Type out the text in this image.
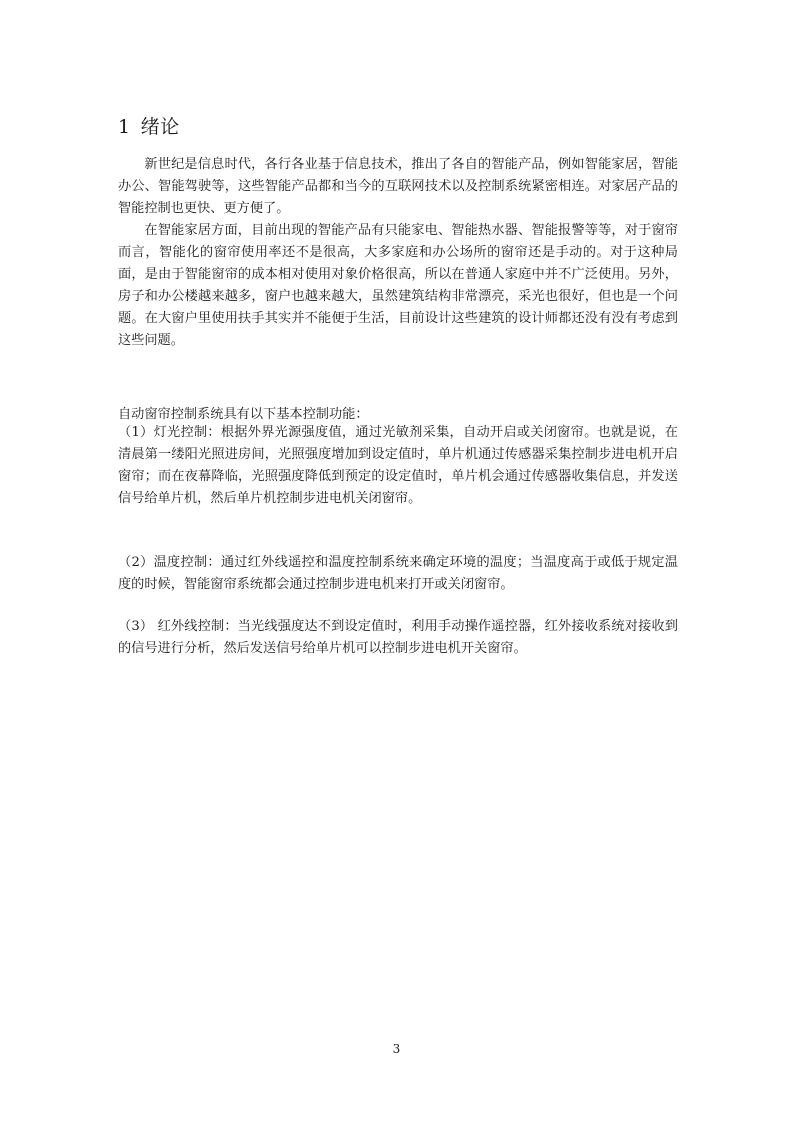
1 绪论

新世纪是信息时代，各行各业基于信息技术，推出了各自的智能产品，例如智能家居，智能办公、智能驾驶等，这些智能产品都和当今的互联网技术以及控制系统紧密相连。对家居产品的智能控制也更快、更方便了。

在智能家居方面，目前出现的智能产品有只能家电、智能热水器、智能报警等等，对于窗帘而言，智能化的窗帘使用率还不是很高，大多家庭和办公场所的窗帘还是手动的。对于这种局面，是由于智能窗帘的成本相对使用对象价格很高，所以在普通人家庭中并不广泛使用。另外，房子和办公楼越来越多，窗户也越来越大，虽然建筑结构非常漂亮，采光也很好，但也是一个问题。在大窗户里使用扶手其实并不能便于生活，目前设计这些建筑的设计师都还没有没有考虑到这些问题。

自动窗帘控制系统具有以下基本控制功能：

（1）灯光控制：根据外界光源强度值，通过光敏剂采集，自动开启或关闭窗帘。也就是说，在清晨第一缕阳光照进房间，光照强度增加到设定值时，单片机通过传感器采集控制步进电机开启窗帘；而在夜幕降临，光照强度降低到预定的设定值时，单片机会通过传感器收集信息，并发送信号给单片机，然后单片机控制步进电机关闭窗帘。

（2）温度控制：通过红外线遥控和温度控制系统来确定环境的温度；当温度高于或低于规定温度的时候，智能窗帘系统都会通过控制步进电机来打开或关闭窗帘。

（3） 红外线控制：当光线强度达不到设定值时，利用手动操作遥控器，红外接收系统对接收到的信号进行分析，然后发送信号给单片机可以控制步进电机开关窗帘。

3
